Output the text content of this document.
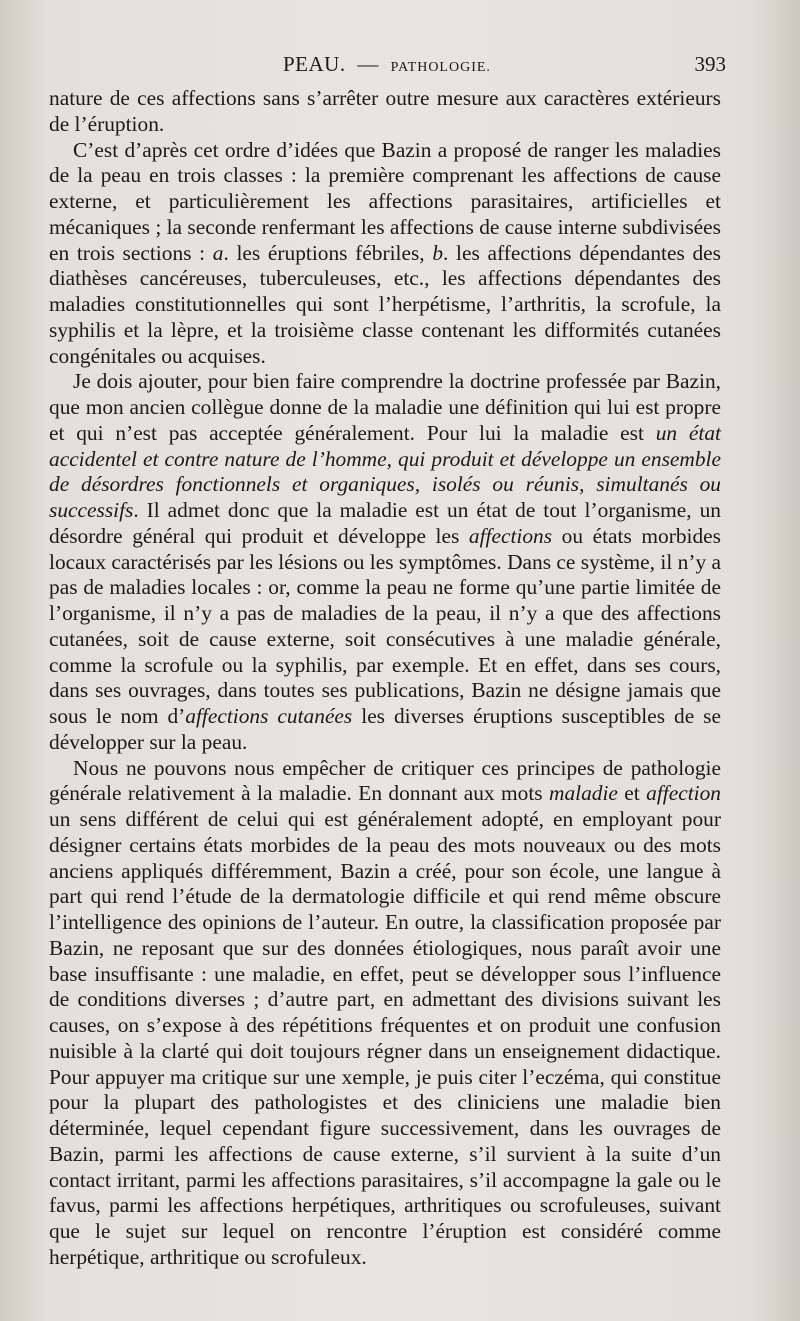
PEAU. — PATHOLOGIE.	393

nature de ces affections sans s’arrêter outre mesure aux caractères extérieurs de l’éruption.

C’est d’après cet ordre d’idées que Bazin a proposé de ranger les maladies de la peau en trois classes : la première comprenant les affections de cause externe, et particulièrement les affections parasitaires, artificielles et mécaniques ; la seconde renfermant les affections de cause interne subdivisées en trois sections : a. les éruptions fébriles, b. les affections dépendantes des diathèses cancéreuses, tuberculeuses, etc., les affections dépendantes des maladies constitutionnelles qui sont l’herpétisme, l’arthritis, la scrofule, la syphilis et la lèpre, et la troisième classe contenant les difformités cutanées congénitales ou acquises.

Je dois ajouter, pour bien faire comprendre la doctrine professée par Bazin, que mon ancien collègue donne de la maladie une définition qui lui est propre et qui n’est pas acceptée généralement. Pour lui la maladie est un état accidentel et contre nature de l’homme, qui produit et développe un ensemble de désordres fonctionnels et organiques, isolés ou réunis, simultanés ou successifs. Il admet donc que la maladie est un état de tout l’organisme, un désordre général qui produit et développe les affections ou états morbides locaux caractérisés par les lésions ou les symptômes. Dans ce système, il n’y a pas de maladies locales : or, comme la peau ne forme qu’une partie limitée de l’organisme, il n’y a pas de maladies de la peau, il n’y a que des affections cutanées, soit de cause externe, soit consécutives à une maladie générale, comme la scrofule ou la syphilis, par exemple. Et en effet, dans ses cours, dans ses ouvrages, dans toutes ses publications, Bazin ne désigne jamais que sous le nom d’affections cutanées les diverses éruptions susceptibles de se développer sur la peau.

Nous ne pouvons nous empêcher de critiquer ces principes de pathologie générale relativement à la maladie. En donnant aux mots maladie et affection un sens différent de celui qui est généralement adopté, en employant pour désigner certains états morbides de la peau des mots nouveaux ou des mots anciens appliqués différemment, Bazin a créé, pour son école, une langue à part qui rend l’étude de la dermatologie difficile et qui rend même obscure l’intelligence des opinions de l’auteur. En outre, la classification proposée par Bazin, ne reposant que sur des données étiologiques, nous paraît avoir une base insuffisante : une maladie, en effet, peut se développer sous l’influence de conditions diverses ; d’autre part, en admettant des divisions suivant les causes, on s’expose à des répétitions fréquentes et on produit une confusion nuisible à la clarté qui doit toujours régner dans un enseignement didactique. Pour appuyer ma critique sur une xemple, je puis citer l’eczéma, qui constitue pour la plupart des pathologistes et des cliniciens une maladie bien déterminée, lequel cependant figure successivement, dans les ouvrages de Bazin, parmi les affections de cause externe, s’il survient à la suite d’un contact irritant, parmi les affections parasitaires, s’il accompagne la gale ou le favus, parmi les affections herpétiques, arthritiques ou scrofuleuses, suivant que le sujet sur lequel on rencontre l’éruption est considéré comme herpétique, arthritique ou scrofuleux.
